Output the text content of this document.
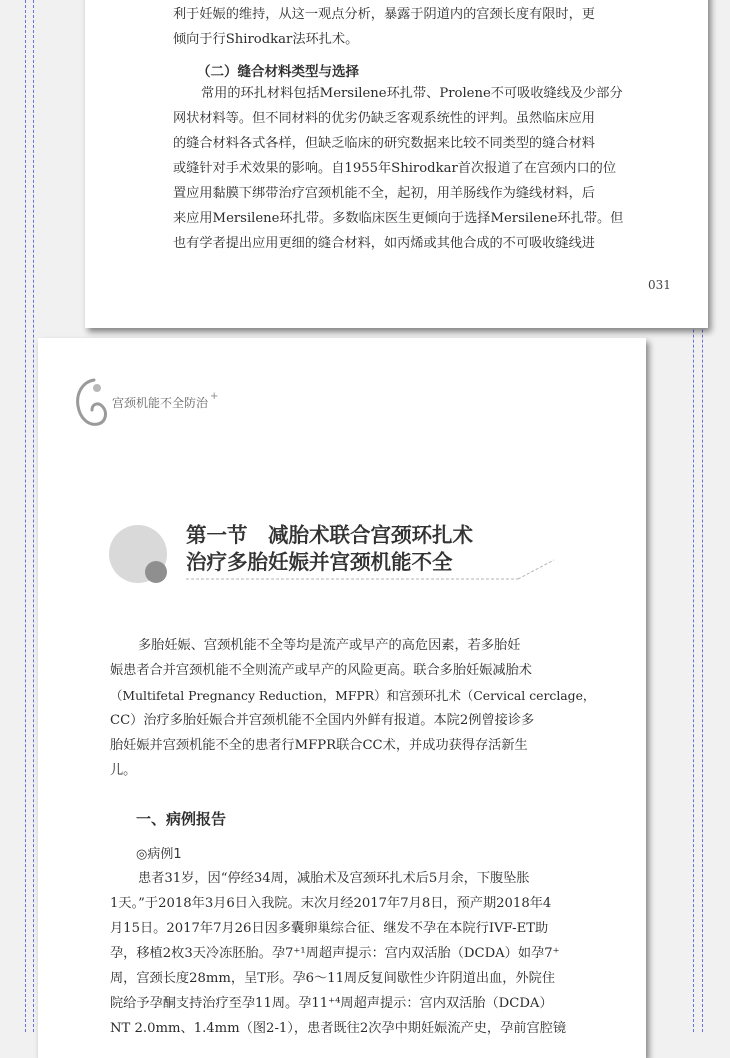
利于妊娠的维持，从这一观点分析，暴露于阴道内的宫颈长度有限时，更
倾向于行Shirodkar法环扎术。
（二）缝合材料类型与选择
常用的环扎材料包括Mersilene环扎带、Prolene不可吸收缝线及少部分
网状材料等。但不同材料的优劣仍缺乏客观系统性的评判。虽然临床应用
的缝合材料各式各样，但缺乏临床的研究数据来比较不同类型的缝合材料
或缝针对手术效果的影响。自1955年Shirodkar首次报道了在宫颈内口的位
置应用黏膜下绑带治疗宫颈机能不全，起初，用羊肠线作为缝线材料，后
来应用Mersilene环扎带。多数临床医生更倾向于选择Mersilene环扎带。但
也有学者提出应用更细的缝合材料，如丙烯或其他合成的不可吸收缝线进
031
宫颈机能不全防治 +
第一节　减胎术联合宫颈环扎术
治疗多胎妊娠并宫颈机能不全
多胎妊娠、宫颈机能不全等均是流产或早产的高危因素，若多胎妊
娠患者合并宫颈机能不全则流产或早产的风险更高。联合多胎妊娠减胎术
（Multifetal Pregnancy Reduction，MFPR）和宫颈环扎术（Cervical cerclage，
CC）治疗多胎妊娠合并宫颈机能不全国内外鲜有报道。本院2例曾接诊多
胎妊娠并宫颈机能不全的患者行MFPR联合CC术，并成功获得存活新生
儿。
一、病例报告
◎病例1
患者31岁，因“停经34周，减胎术及宫颈环扎术后5月余，下腹坠胀
1天。”于2018年3月6日入我院。末次月经2017年7月8日，预产期2018年4
月15日。2017年7月26日因多囊卵巢综合征、继发不孕在本院行IVF-ET助
孕，移植2枚3天冷冻胚胎。孕7⁺¹周超声提示：宫内双活胎（DCDA）如孕7⁺
周，宫颈长度28mm，呈T形。孕6～11周反复间歇性少许阴道出血，外院住
院给予孕酮支持治疗至孕11周。孕11⁺⁴周超声提示：宫内双活胎（DCDA）
NT 2.0mm、1.4mm（图2-1），患者既往2次孕中期妊娠流产史，孕前宫腔镜
